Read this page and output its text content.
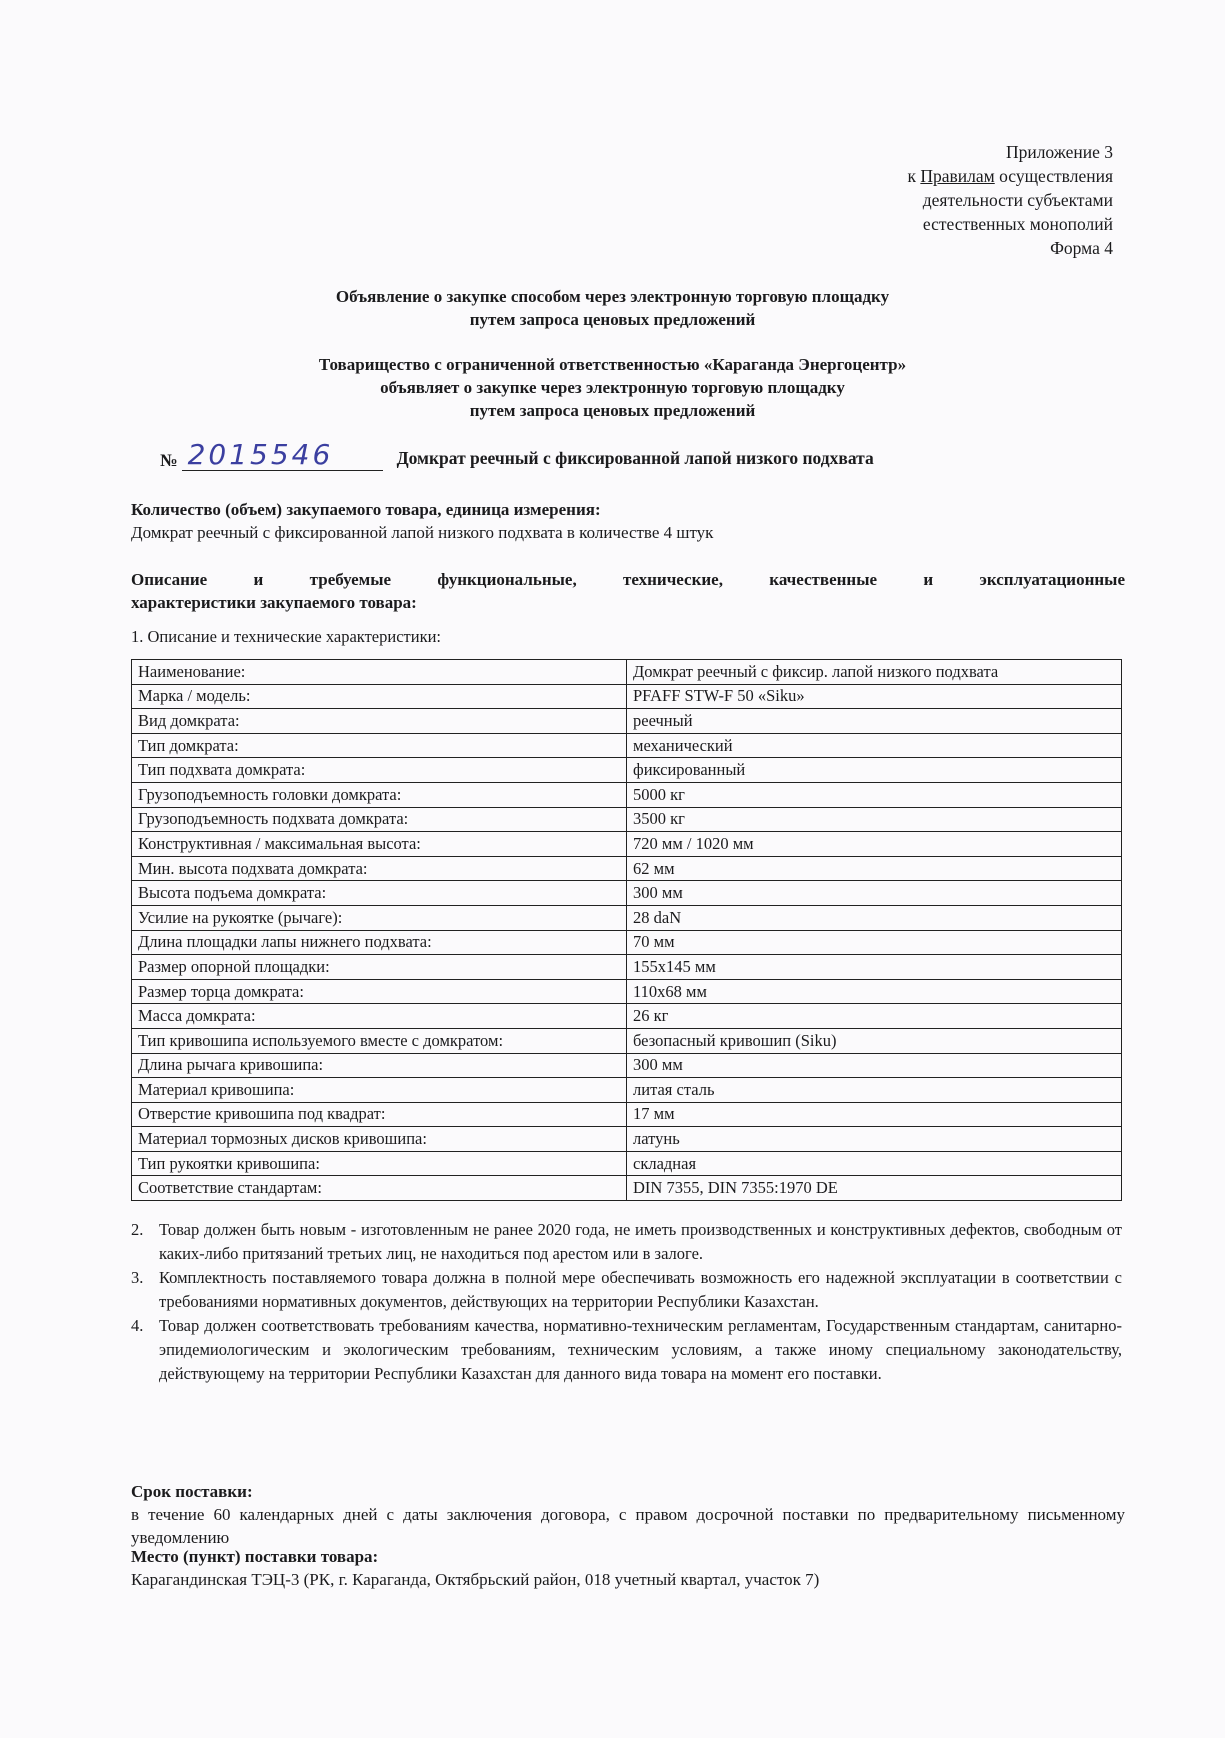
Приложение 3
к Правилам осуществления
деятельности субъектами
естественных монополий
Форма 4
Объявление о закупке способом через электронную торговую площадку
путем запроса ценовых предложений
Товарищество с ограниченной ответственностью «Караганда Энергоцентр»
объявляет о закупке через электронную торговую площадку
путем запроса ценовых предложений
№ 2015546	Домкрат реечный с фиксированной лапой низкого подхвата
Количество (объем) закупаемого товара, единица измерения:
Домкрат реечный с фиксированной лапой низкого подхвата в количестве 4 штук
Описание и требуемые функциональные, технические, качественные и эксплуатационные
характеристики закупаемого товара:
1. Описание и технические характеристики:
Наименование:	Домкрат реечный с фиксир. лапой низкого подхвата
Марка / модель:	PFAFF STW-F 50 «Siku»
Вид домкрата:	реечный
Тип домкрата:	механический
Тип подхвата домкрата:	фиксированный
Грузоподъемность головки домкрата:	5000 кг
Грузоподъемность подхвата домкрата:	3500 кг
Конструктивная / максимальная высота:	720 мм / 1020 мм
Мин. высота подхвата домкрата:	62 мм
Высота подъема домкрата:	300 мм
Усилие на рукоятке (рычаге):	28 daN
Длина площадки лапы нижнего подхвата:	70 мм
Размер опорной площадки:	155x145 мм
Размер торца домкрата:	110x68 мм
Масса домкрата:	26 кг
Тип кривошипа используемого вместе с домкратом:	безопасный кривошип (Siku)
Длина рычага кривошипа:	300 мм
Материал кривошипа:	литая сталь
Отверстие кривошипа под квадрат:	17 мм
Материал тормозных дисков кривошипа:	латунь
Тип рукоятки кривошипа:	складная
Соответствие стандартам:	DIN 7355, DIN 7355:1970 DE
2. Товар должен быть новым - изготовленным не ранее 2020 года, не иметь производственных и конструктивных дефектов, свободным от каких-либо притязаний третьих лиц, не находиться под арестом или в залоге.
3. Комплектность поставляемого товара должна в полной мере обеспечивать возможность его надежной эксплуатации в соответствии с требованиями нормативных документов, действующих на территории Республики Казахстан.
4. Товар должен соответствовать требованиям качества, нормативно-техническим регламентам, Государственным стандартам, санитарно-эпидемиологическим и экологическим требованиям, техническим условиям, а также иному специальному законодательству, действующему на территории Республики Казахстан для данного вида товара на момент его поставки.
Срок поставки:
в течение 60 календарных дней с даты заключения договора, с правом досрочной поставки по предварительному письменному уведомлению
Место (пункт) поставки товара:
Карагандинская ТЭЦ-3 (РК, г. Караганда, Октябрьский район, 018 учетный квартал, участок 7)
